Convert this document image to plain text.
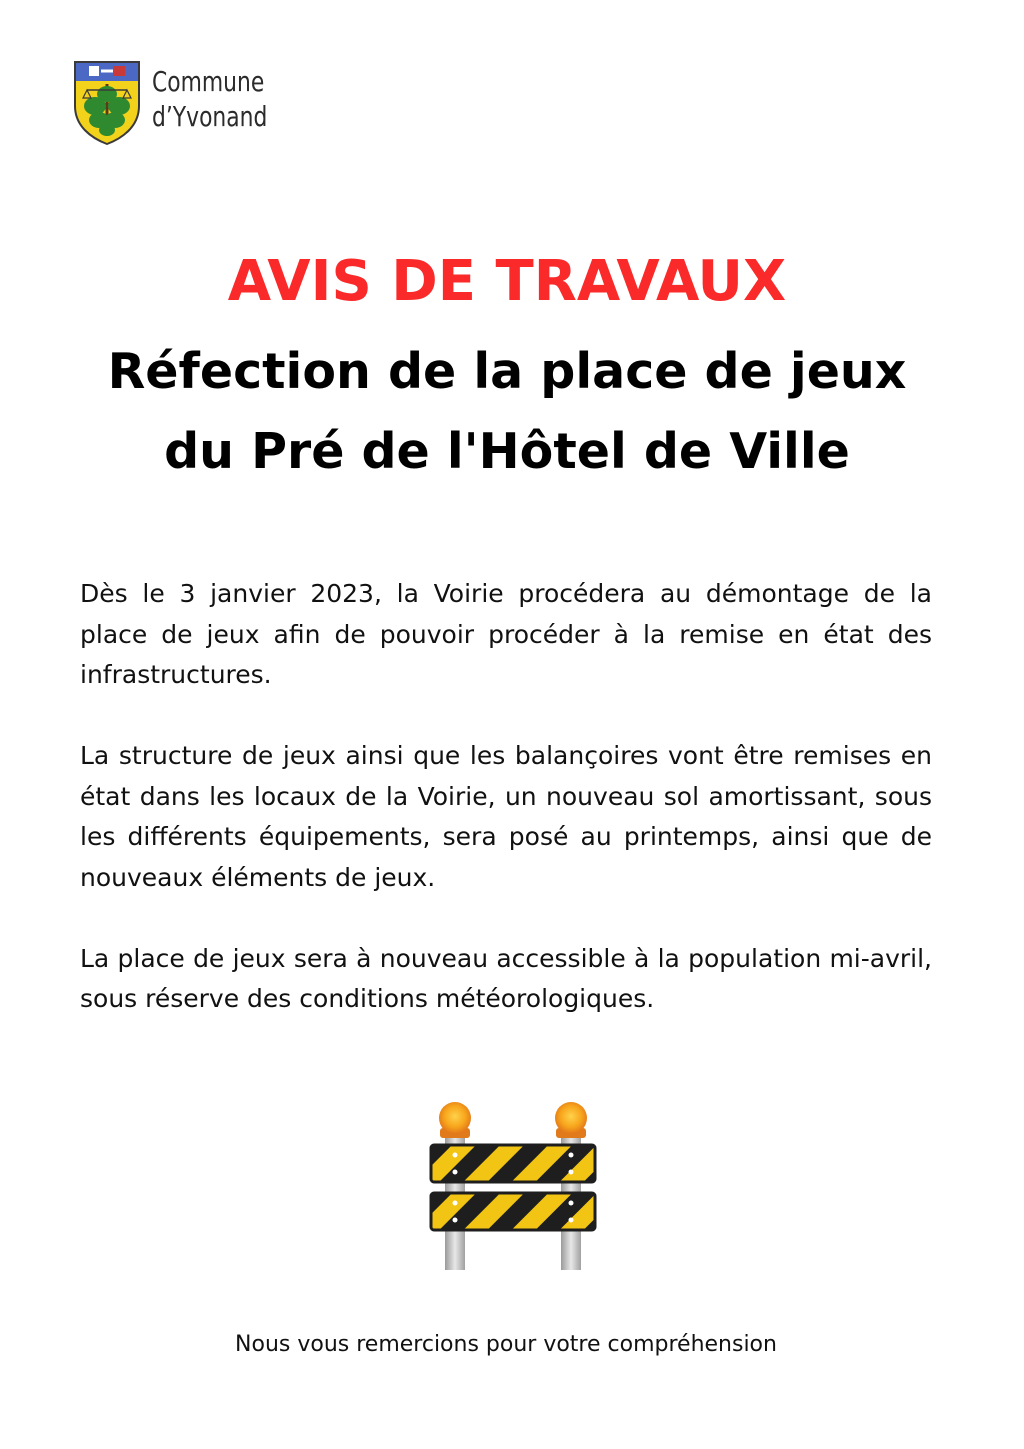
Commune
d’Yvonand
AVIS DE TRAVAUX
Réfection de la place de jeux
du Pré de l'Hôtel de Ville

Dès le 3 janvier 2023, la Voirie procédera au démontage de la place de jeux afin de pouvoir procéder à la remise en état des infrastructures.

La structure de jeux ainsi que les balançoires vont être remises en état dans les locaux de la Voirie, un nouveau sol amortissant, sous les différents équipements, sera posé au printemps, ainsi que de nouveaux éléments de jeux.

La place de jeux sera à nouveau accessible à la population mi-avril, sous réserve des conditions météorologiques.

Nous vous remercions pour votre compréhension
